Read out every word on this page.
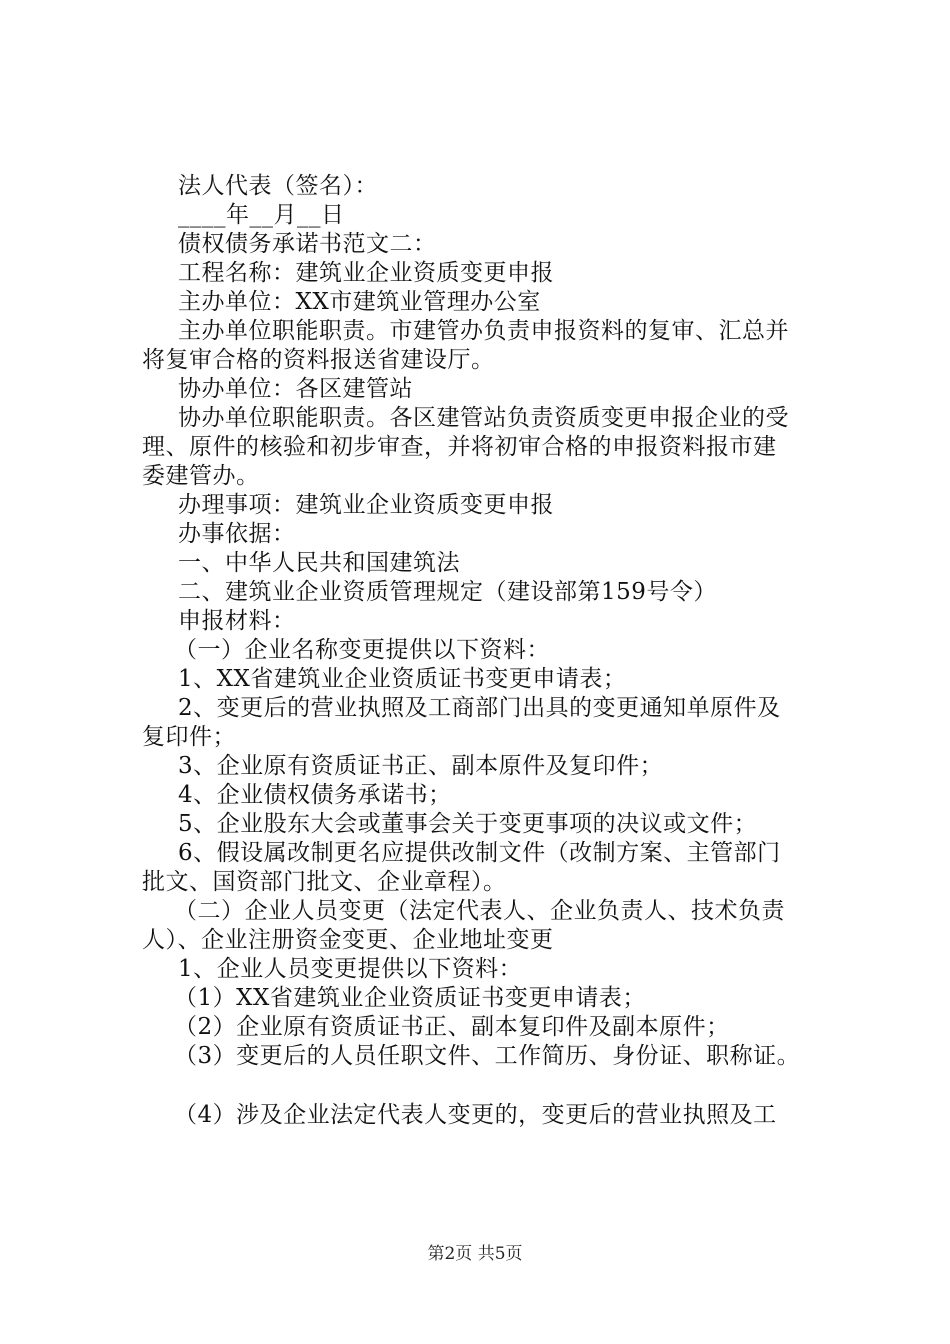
法人代表（签名）：
____年__月__日
债权债务承诺书范文二：
工程名称：建筑业企业资质变更申报
主办单位：XX市建筑业管理办公室
主办单位职能职责。市建管办负责申报资料的复审、汇总并
将复审合格的资料报送省建设厅。
协办单位：各区建管站
协办单位职能职责。各区建管站负责资质变更申报企业的受
理、原件的核验和初步审查，并将初审合格的申报资料报市建
委建管办。
办理事项：建筑业企业资质变更申报
办事依据：
一、中华人民共和国建筑法
二、建筑业企业资质管理规定（建设部第159号令）
申报材料：
（一）企业名称变更提供以下资料：
1、XX省建筑业企业资质证书变更申请表；
2、变更后的营业执照及工商部门出具的变更通知单原件及
复印件；
3、企业原有资质证书正、副本原件及复印件；
4、企业债权债务承诺书；
5、企业股东大会或董事会关于变更事项的决议或文件；
6、假设属改制更名应提供改制文件（改制方案、主管部门
批文、国资部门批文、企业章程）。
（二）企业人员变更（法定代表人、企业负责人、技术负责
人）、企业注册资金变更、企业地址变更
1、企业人员变更提供以下资料：
（1）XX省建筑业企业资质证书变更申请表；
（2）企业原有资质证书正、副本复印件及副本原件；
（3）变更后的人员任职文件、工作简历、身份证、职称证。
（4）涉及企业法定代表人变更的，变更后的营业执照及工
第2页 共5页
